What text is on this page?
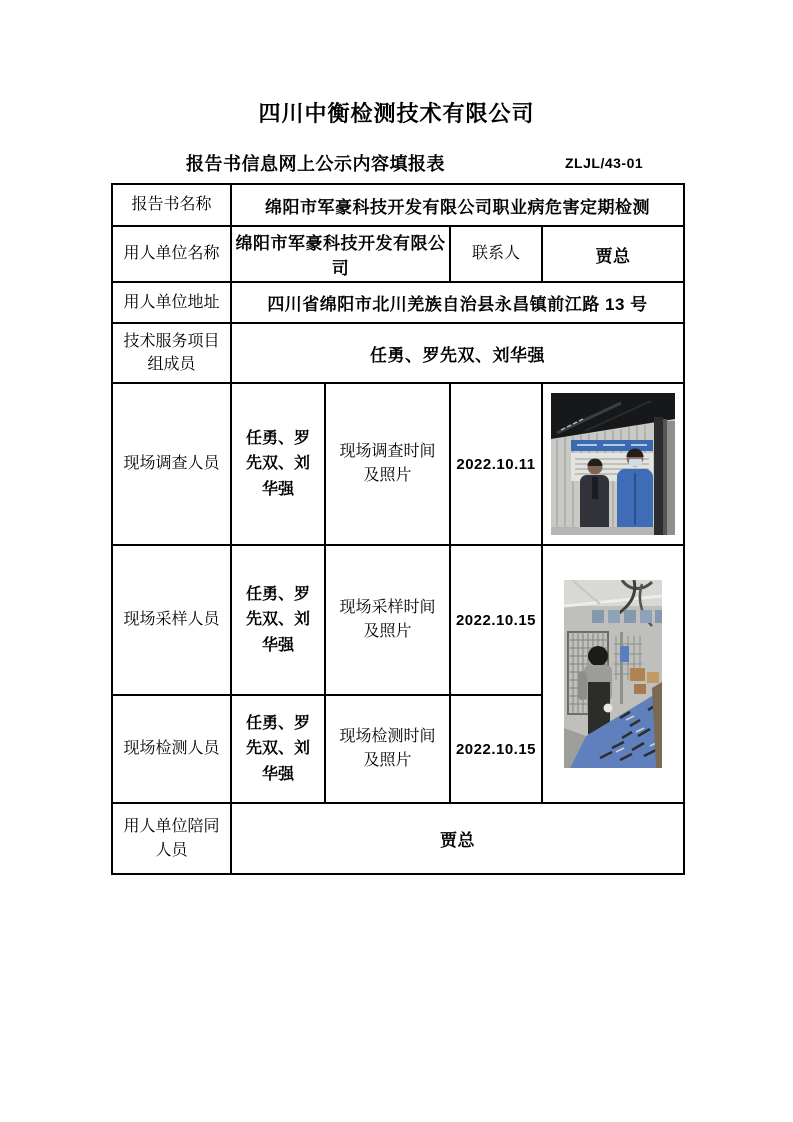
四川中衡检测技术有限公司
报告书信息网上公示内容填报表	ZLJL/43-01
报告书名称	绵阳市军豪科技开发有限公司职业病危害定期检测			
用人单位名称	绵阳市军豪科技开发有限公司		联系人	贾总
用人单位地址	四川省绵阳市北川羌族自治县永昌镇前江路 13 号			
技术服务项目组成员	任勇、罗先双、刘华强			
现场调查人员	任勇、罗先双、刘华强	现场调查时间及照片	2022.10.11	

现场采样人员	任勇、罗先双、刘华强	现场采样时间及照片	2022.10.15	

现场检测人员	任勇、罗先双、刘华强	现场检测时间及照片	2022.10.15	
用人单位陪同人员	贾总			
